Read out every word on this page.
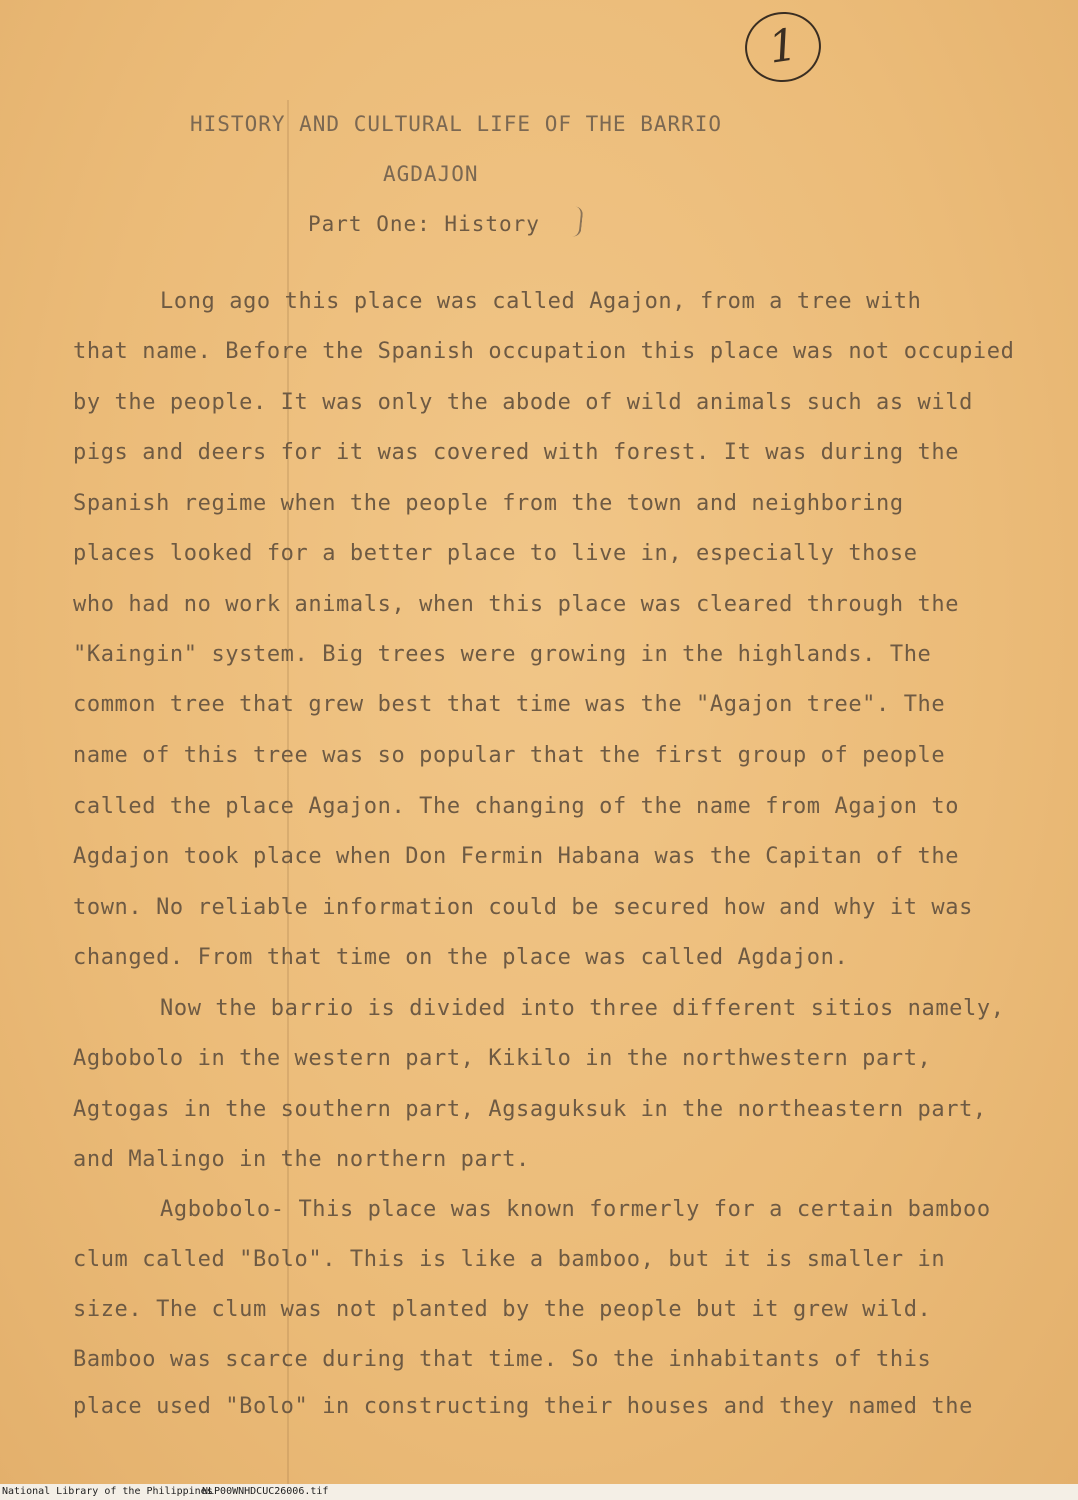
1
HISTORY AND CULTURAL LIFE OF THE BARRIO
AGDAJON
Part One: History
Long ago this place was called Agajon, from a tree with
that name. Before the Spanish occupation this place was not occupied
by the people. It was only the abode of wild animals such as wild
pigs and deers for it was covered with forest. It was during the
Spanish regime when the people from the town and neighboring
places looked for a better place to live in, especially those
who had no work animals, when this place was cleared through the
"Kaingin" system. Big trees were growing in the highlands. The
common tree that grew best that time was the "Agajon tree". The
name of this tree was so popular that the first group of people
called the place Agajon. The changing of the name from Agajon to
Agdajon took place when Don Fermin Habana was the Capitan of the
town. No reliable information could be secured how and why it was
changed. From that time on the place was called Agdajon.
Now the barrio is divided into three different sitios namely,
Agbobolo in the western part, Kikilo in the northwestern part,
Agtogas in the southern part, Agsaguksuk in the northeastern part,
and Malingo in the northern part.
Agbobolo- This place was known formerly for a certain bamboo
clum called "Bolo". This is like a bamboo, but it is smaller in
size. The clum was not planted by the people but it grew wild.
Bamboo was scarce during that time. So the inhabitants of this
place used "Bolo" in constructing their houses and they named the
National Library of the Philippines
NLP00WNHDCUC26006.tif
